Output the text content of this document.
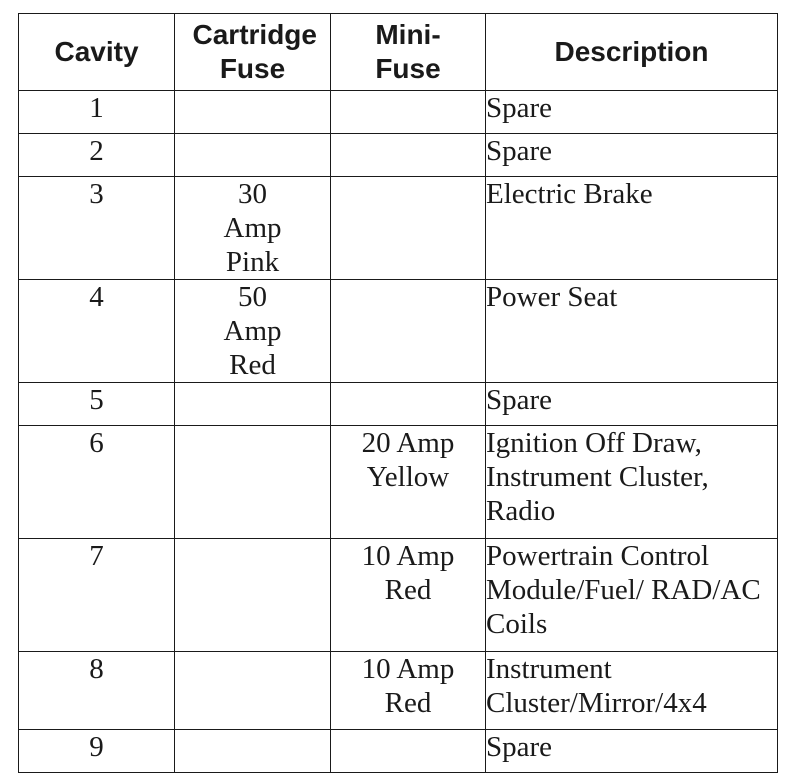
Cavity	Cartridge Fuse	Mini-Fuse	Description
1			Spare
2			Spare
3	30 Amp Pink		Electric Brake
4	50 Amp Red		Power Seat
5			Spare
6		20 Amp Yellow	Ignition Off Draw, Instrument Cluster, Radio
7		10 Amp Red	Powertrain Control Module/Fuel/ RAD/AC Coils
8		10 Amp Red	Instrument Cluster/Mirror/4x4
9			Spare
